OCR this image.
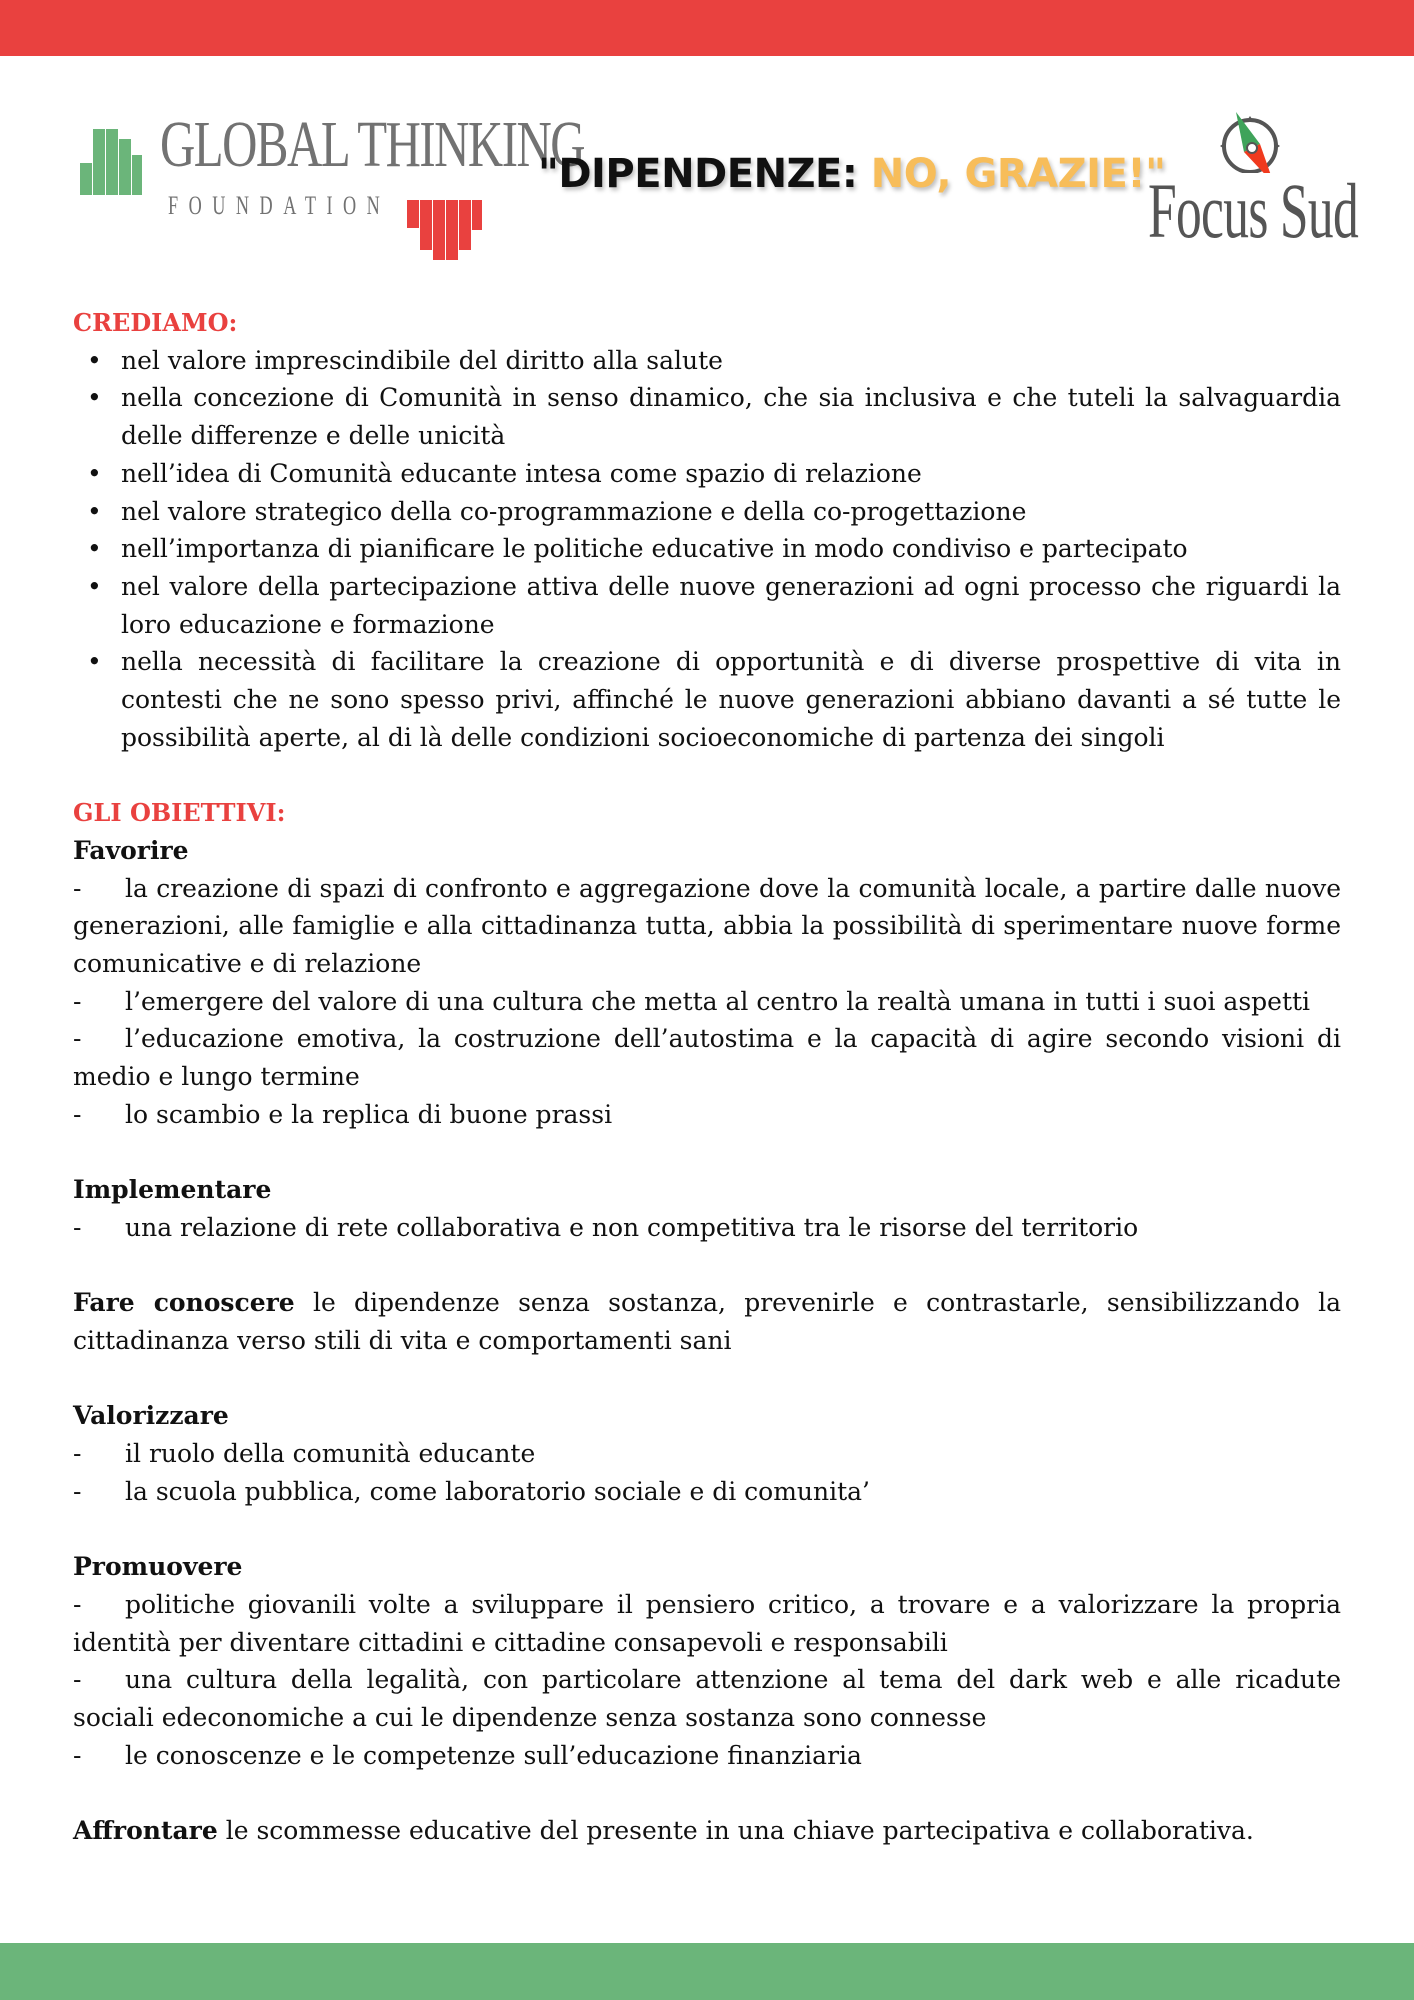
GLOBAL THINKING
FOUNDATION
"DIPENDENZE: NO, GRAZIE!"
Focus Sud
CREDIAMO:
• nel valore imprescindibile del diritto alla salute
• nella concezione di Comunità in senso dinamico, che sia inclusiva e che tuteli la salvaguardia delle differenze e delle unicità
• nell’idea di Comunità educante intesa come spazio di relazione
• nel valore strategico della co-programmazione e della co-progettazione
• nell’importanza di pianificare le politiche educative in modo condiviso e partecipato
• nel valore della partecipazione attiva delle nuove generazioni ad ogni processo che riguardi la loro educazione e formazione
• nella necessità di facilitare la creazione di opportunità e di diverse prospettive di vita in contesti che ne sono spesso privi, affinché le nuove generazioni abbiano davanti a sé tutte le possibilità aperte, al di là delle condizioni socioeconomiche di partenza dei singoli
GLI OBIETTIVI:
Favorire
- la creazione di spazi di confronto e aggregazione dove la comunità locale, a partire dalle nuove generazioni, alle famiglie e alla cittadinanza tutta, abbia la possibilità di sperimentare nuove forme comunicative e di relazione
- l’emergere del valore di una cultura che metta al centro la realtà umana in tutti i suoi aspetti
- l’educazione emotiva, la costruzione dell’autostima e la capacità di agire secondo visioni di medio e lungo termine
- lo scambio e la replica di buone prassi
Implementare
- una relazione di rete collaborativa e non competitiva tra le risorse del territorio
Fare conoscere le dipendenze senza sostanza, prevenirle e contrastarle, sensibilizzando la cittadinanza verso stili di vita e comportamenti sani
Valorizzare
- il ruolo della comunità educante
- la scuola pubblica, come laboratorio sociale e di comunita’
Promuovere
- politiche giovanili volte a sviluppare il pensiero critico, a trovare e a valorizzare la propria identità per diventare cittadini e cittadine consapevoli e responsabili
- una cultura della legalità, con particolare attenzione al tema del dark web e alle ricadute sociali edeconomiche a cui le dipendenze senza sostanza sono connesse
- le conoscenze e le competenze sull’educazione finanziaria
Affrontare le scommesse educative del presente in una chiave partecipativa e collaborativa.
